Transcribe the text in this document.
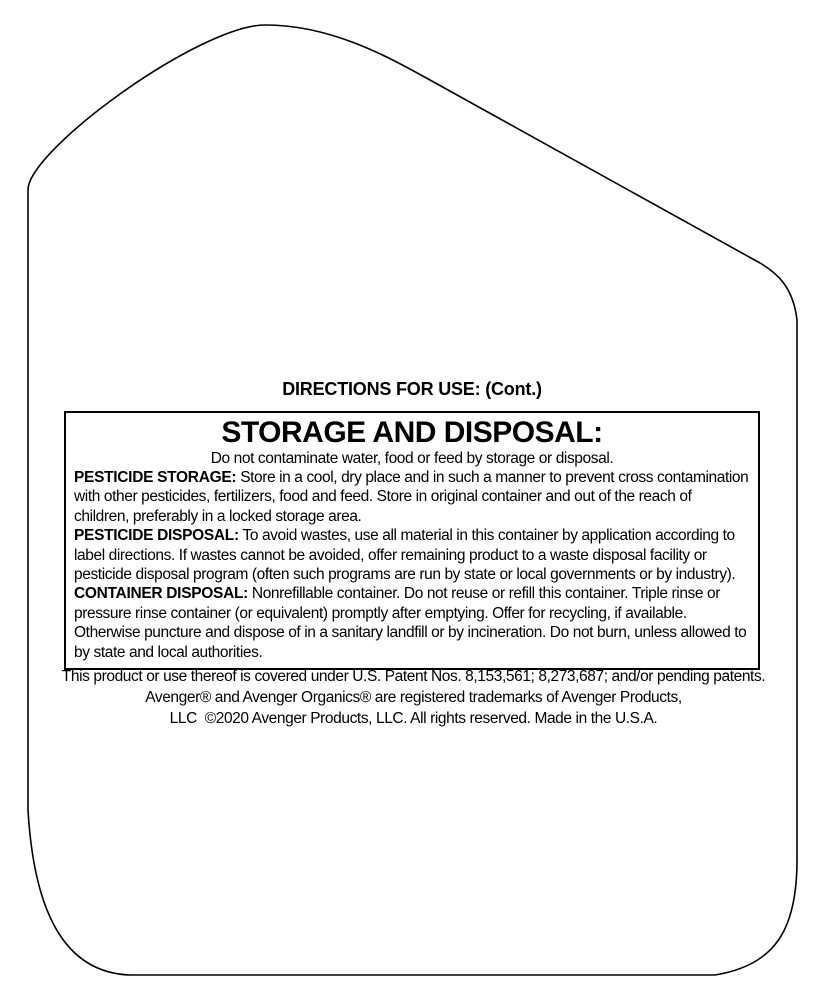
DIRECTIONS FOR USE: (Cont.)
STORAGE AND DISPOSAL:
Do not contaminate water, food or feed by storage or disposal.

PESTICIDE STORAGE: Store in a cool, dry place and in such a manner to prevent cross contamination with other pesticides, fertilizers, food and feed. Store in original container and out of the reach of children, preferably in a locked storage area.

PESTICIDE DISPOSAL: To avoid wastes, use all material in this container by application according to label directions. If wastes cannot be avoided, offer remaining product to a waste disposal facility or pesticide disposal program (often such programs are run by state or local governments or by industry).

CONTAINER DISPOSAL: Nonrefillable container. Do not reuse or refill this container. Triple rinse or pressure rinse container (or equivalent) promptly after emptying. Offer for recycling, if available. Otherwise puncture and dispose of in a sanitary landfill or by incineration. Do not burn, unless allowed to by state and local authorities.

This product or use thereof is covered under U.S. Patent Nos. 8,153,561; 8,273,687; and/or pending patents.
Avenger® and Avenger Organics® are registered trademarks of Avenger Products,
LLC  ©2020 Avenger Products, LLC. All rights reserved. Made in the U.S.A.
